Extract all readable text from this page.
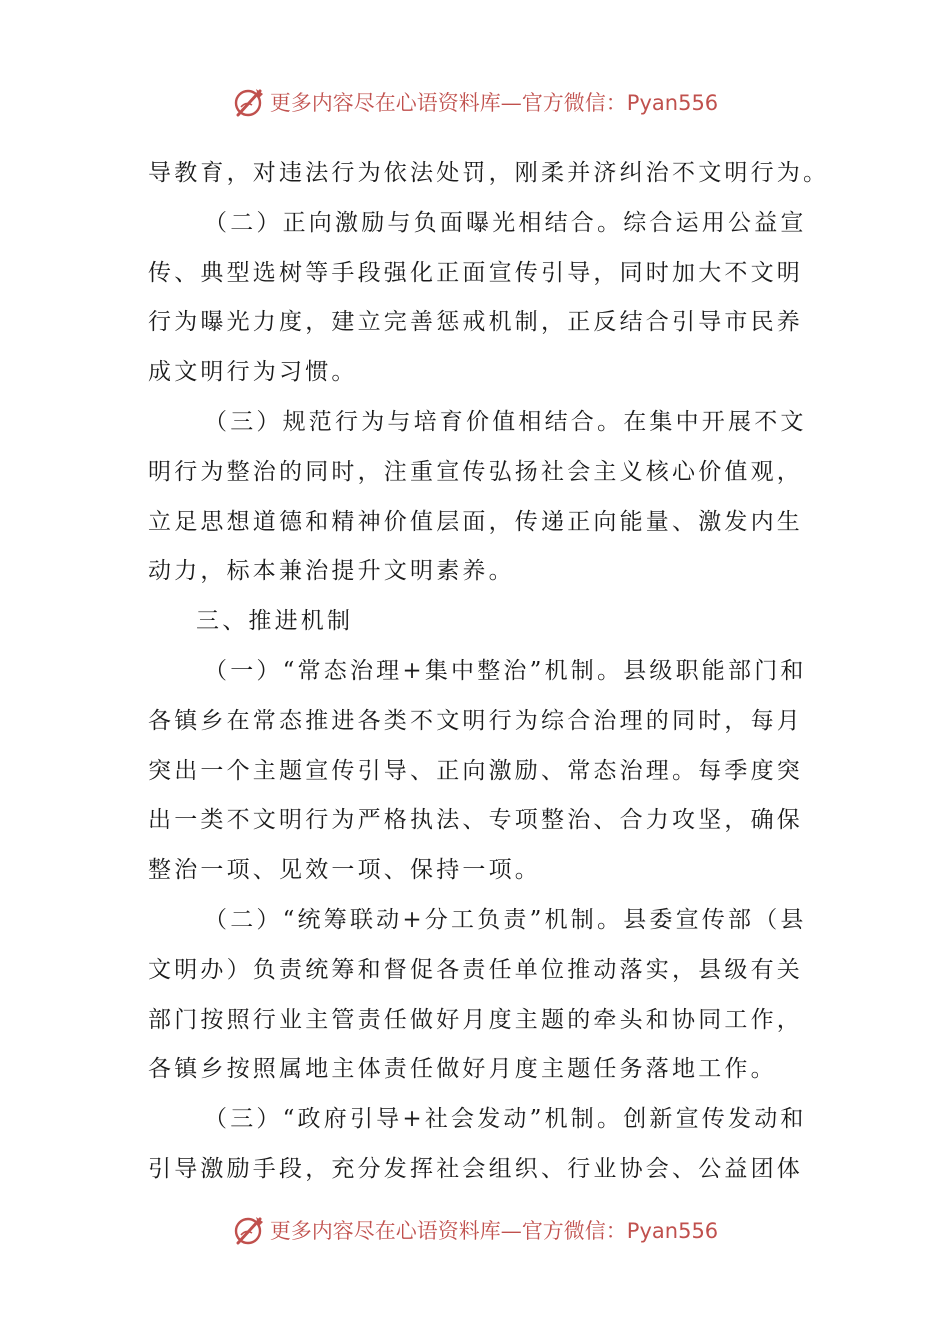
更多内容尽在心语资料库—官方微信：Pyan556
导教育，对违法行为依法处罚，刚柔并济纠治不文明行为。
（二）正向激励与负面曝光相结合。综合运用公益宣
传、典型选树等手段强化正面宣传引导，同时加大不文明
行为曝光力度，建立完善惩戒机制，正反结合引导市民养
成文明行为习惯。
（三）规范行为与培育价值相结合。在集中开展不文
明行为整治的同时，注重宣传弘扬社会主义核心价值观，
立足思想道德和精神价值层面，传递正向能量、激发内生
动力，标本兼治提升文明素养。
三、推进机制
（一）“常态治理+集中整治”机制。县级职能部门和
各镇乡在常态推进各类不文明行为综合治理的同时，每月
突出一个主题宣传引导、正向激励、常态治理。每季度突
出一类不文明行为严格执法、专项整治、合力攻坚，确保
整治一项、见效一项、保持一项。
（二）“统筹联动+分工负责”机制。县委宣传部（县
文明办）负责统筹和督促各责任单位推动落实，县级有关
部门按照行业主管责任做好月度主题的牵头和协同工作，
各镇乡按照属地主体责任做好月度主题任务落地工作。
（三）“政府引导+社会发动”机制。创新宣传发动和
引导激励手段，充分发挥社会组织、行业协会、公益团体
更多内容尽在心语资料库—官方微信：Pyan556
